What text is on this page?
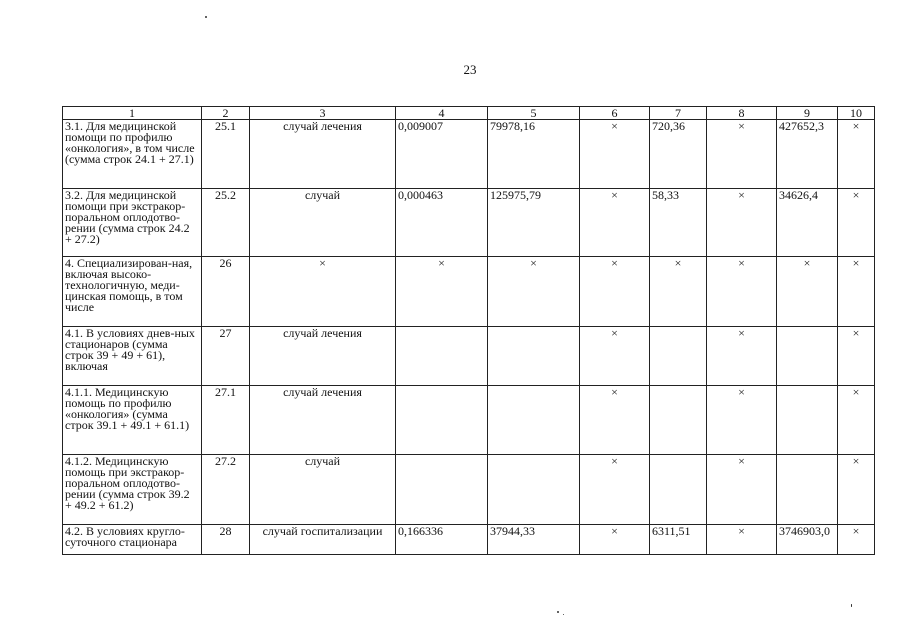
23
1	2	3	4	5	6	7	8	9	10
3.1. Для медицинской помощи по профилю «онкология», в том числе (сумма строк 24.1 + 27.1)	25.1	случай лечения	0,009007	79978,16	×	720,36	×	427652,3	×
3.2. Для медицинской помощи при экстракор-поральном оплодотво-рении (сумма строк 24.2 + 27.2)	25.2	случай	0,000463	125975,79	×	58,33	×	34626,4	×
4. Специализирован-ная, включая высоко-технологичную, меди-цинская помощь, в том числе	26	×	×	×	×	×	×	×	×
4.1. В условиях днев-ных стационаров (сумма строк 39 + 49 + 61), включая	27	случай лечения			×		×		×
4.1.1. Медицинскую помощь по профилю «онкология» (сумма строк 39.1 + 49.1 + 61.1)	27.1	случай лечения			×		×		×
4.1.2. Медицинскую помощь при экстракор-поральном оплодотво-рении (сумма строк 39.2 + 49.2 + 61.2)	27.2	случай			×		×		×
4.2. В условиях кругло-суточного стационара	28	случай госпитализации	0,166336	37944,33	×	6311,51	×	3746903,0	×
